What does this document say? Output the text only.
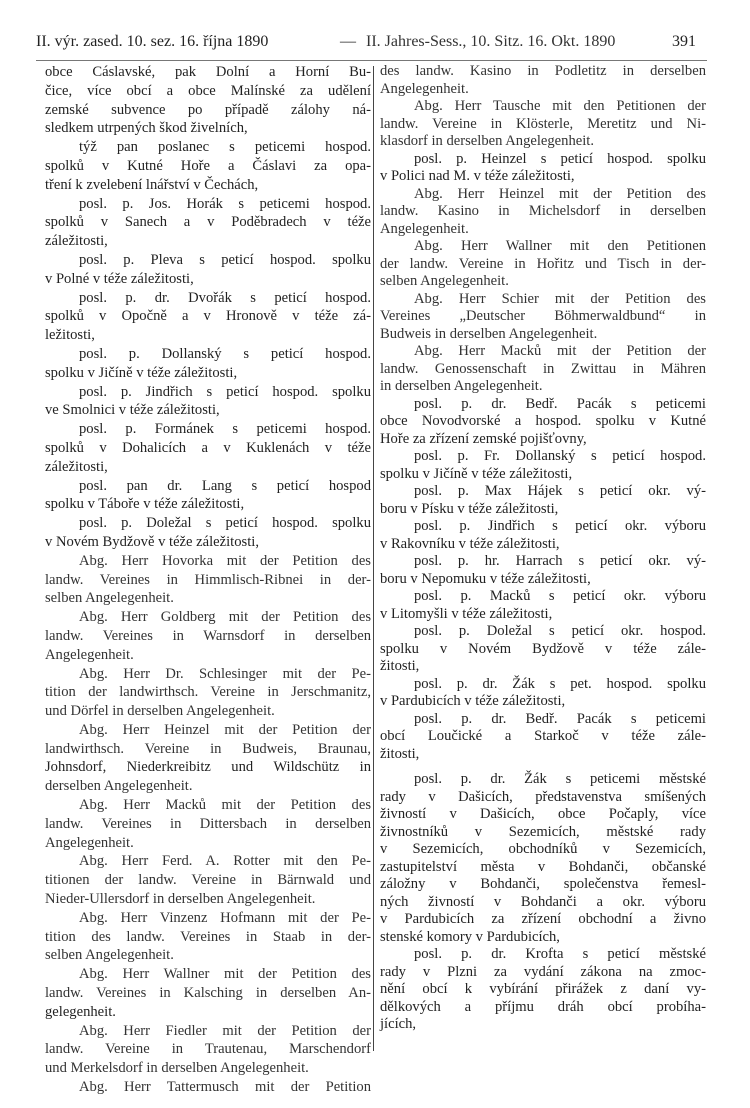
II. výr. zased. 10. sez. 16. října 1890	— II. Jahres-Sess., 10. Sitz. 16. Okt. 1890	391
obce Cáslavské, pak Dolní a Horní Bu-
čice, více obcí a obce Malínské za udělení
zemské subvence po případě zálohy ná-
sledkem utrpených škod živelních,
týž pan poslanec s peticemi hospod.
spolků v Kutné Hoře a Čáslavi za opa-
tření k zvelebení lnářství v Čechách,
posl. p. Jos. Horák s peticemi hospod.
spolků v Sanech a v Poděbradech v téže
záležitosti,
posl. p. Pleva s peticí hospod. spolku
v Polné v téže záležitosti,
posl. p. dr. Dvořák s peticí hospod.
spolků v Opočně a v Hronově v téže zá-
ležitosti,
posl. p. Dollanský s peticí hospod.
spolku v Jičíně v téže záležitosti,
posl. p. Jindřich s peticí hospod. spolku
ve Smolnici v téže záležitosti,
posl. p. Formánek s peticemi hospod.
spolků v Dohalicích a v Kuklenách v téže
záležitosti,
posl. pan dr. Lang s peticí hospod
spolku v Táboře v téže záležitosti,
posl. p. Doležal s peticí hospod. spolku
v Novém Bydžově v téže záležitosti,
Abg. Herr Hovorka mit der Petition des
landw. Vereines in Himmlisch-Ribnei in der-
selben Angelegenheit.
Abg. Herr Goldberg mit der Petition des
landw. Vereines in Warnsdorf in derselben
Angelegenheit.
Abg. Herr Dr. Schlesinger mit der Pe-
tition der landwirthsch. Vereine in Jerschmanitz,
und Dörfel in derselben Angelegenheit.
Abg. Herr Heinzel mit der Petition der
landwirthsch. Vereine in Budweis, Braunau,
Johnsdorf, Niederkreibitz und Wildschütz in
derselben Angelegenheit.
Abg. Herr Macků mit der Petition des
landw. Vereines in Dittersbach in derselben
Angelegenheit.
Abg. Herr Ferd. A. Rotter mit den Pe-
titionen der landw. Vereine in Bärnwald und
Nieder-Ullersdorf in derselben Angelegenheit.
Abg. Herr Vinzenz Hofmann mit der Pe-
tition des landw. Vereines in Staab in der-
selben Angelegenheit.
Abg. Herr Wallner mit der Petition des
landw. Vereines in Kalsching in derselben An-
gelegenheit.
Abg. Herr Fiedler mit der Petition der
landw. Vereine in Trautenau, Marschendorf
und Merkelsdorf in derselben Angelegenheit.
Abg. Herr Tattermusch mit der Petition
des landw. Kasino in Podletitz in derselben
Angelegenheit.
Abg. Herr Tausche mit den Petitionen der
landw. Vereine in Klösterle, Meretitz und Ni-
klasdorf in derselben Angelegenheit.
posl. p. Heinzel s peticí hospod. spolku
v Polici nad M. v téže záležitosti,
Abg. Herr Heinzel mit der Petition des
landw. Kasino in Michelsdorf in derselben
Angelegenheit.
Abg. Herr Wallner mit den Petitionen
der landw. Vereine in Hořitz und Tisch in der-
selben Angelegenheit.
Abg. Herr Schier mit der Petition des
Vereines „Deutscher Böhmerwaldbund“ in
Budweis in derselben Angelegenheit.
Abg. Herr Macků mit der Petition der
landw. Genossenschaft in Zwittau in Mähren
in derselben Angelegenheit.
posl. p. dr. Bedř. Pacák s peticemi
obce Novodvorské a hospod. spolku v Kutné
Hoře za zřízení zemské pojišťovny,
posl. p. Fr. Dollanský s peticí hospod.
spolku v Jičíně v téže záležitosti,
posl. p. Max Hájek s peticí okr. vý-
boru v Písku v téže záležitosti,
posl. p. Jindřich s peticí okr. výboru
v Rakovníku v téže záležitosti,
posl. p. hr. Harrach s peticí okr. vý-
boru v Nepomuku v téže záležitosti,
posl. p. Macků s peticí okr. výboru
v Litomyšli v téže záležitosti,
posl. p. Doležal s peticí okr. hospod.
spolku v Novém Bydžově v téže zále-
žitosti,
posl. p. dr. Žák s pet. hospod. spolku
v Pardubicích v téže záležitosti,
posl. p. dr. Bedř. Pacák s peticemi
obcí Loučické a Starkoč v téže zále-
žitosti,
posl. p. dr. Žák s peticemi městské
rady v Dašicích, představenstva smíšených
živností v Dašicích, obce Počaply, více
živnostníků v Sezemicích, městské rady
v Sezemicích, obchodníků v Sezemicích,
zastupitelství města v Bohdanči, občanské
záložny v Bohdanči, společenstva řemesl-
ných živností v Bohdanči a okr. výboru
v Pardubicích za zřízení obchodní a živno
stenské komory v Pardubicích,
posl. p. dr. Krofta s peticí městské
rady v Plzni za vydání zákona na zmoc-
nění obcí k vybírání přirážek z daní vy-
dělkových a příjmu dráh obcí probíha-
jících,
